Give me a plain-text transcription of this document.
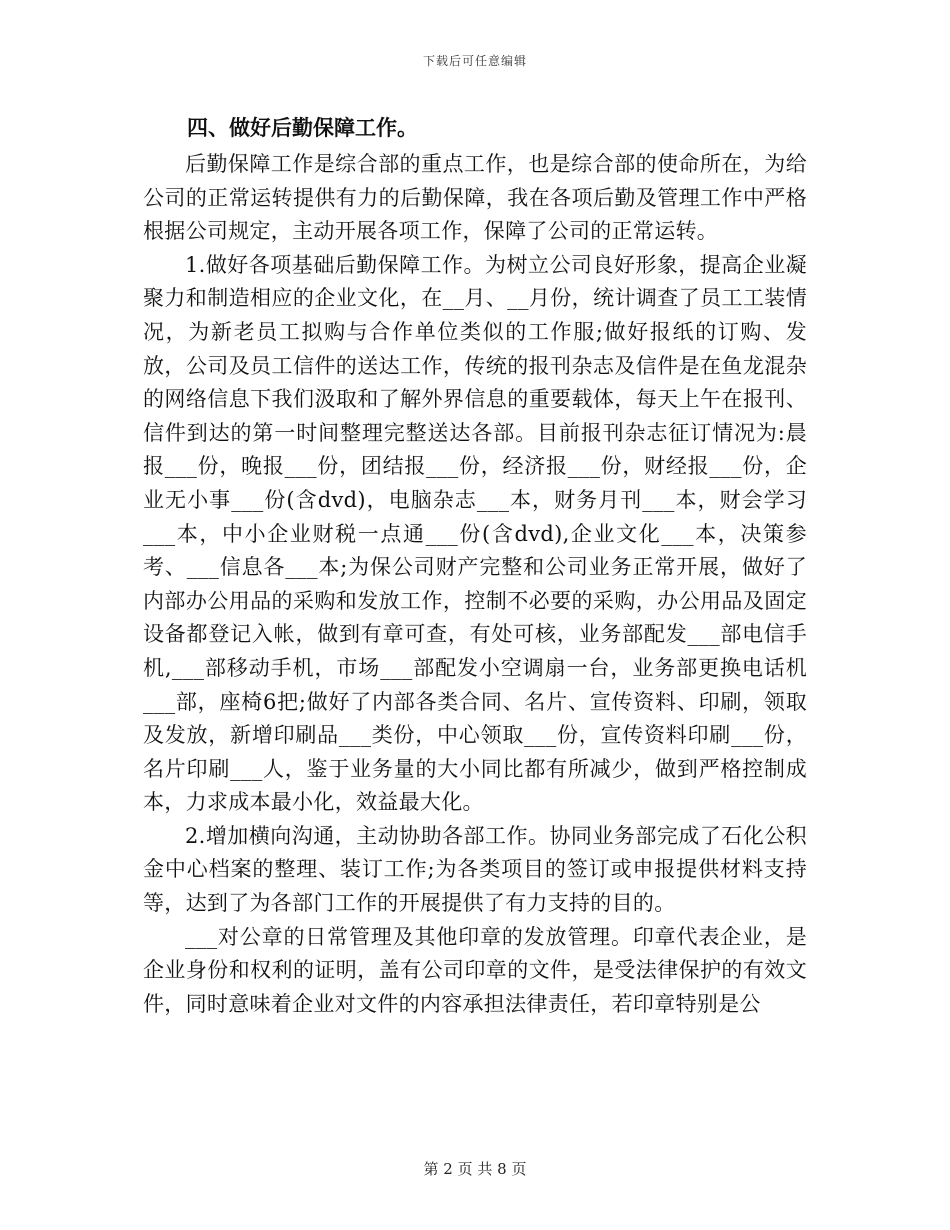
下载后可任意编辑

四、做好后勤保障工作。

后勤保障工作是综合部的重点工作，也是综合部的使命所在，为给公司的正常运转提供有力的后勤保障，我在各项后勤及管理工作中严格根据公司规定，主动开展各项工作，保障了公司的正常运转。

1.做好各项基础后勤保障工作。为树立公司良好形象，提高企业凝聚力和制造相应的企业文化，在__月、__月份，统计调查了员工工装情况，为新老员工拟购与合作单位类似的工作服;做好报纸的订购、发放，公司及员工信件的送达工作，传统的报刊杂志及信件是在鱼龙混杂的网络信息下我们汲取和了解外界信息的重要载体，每天上午在报刊、信件到达的第一时间整理完整送达各部。目前报刊杂志征订情况为:晨报___份，晚报___份，团结报___份，经济报___份，财经报___份，企业无小事___份(含dvd)，电脑杂志___本，财务月刊___本，财会学习___本，中小企业财税一点通___份(含dvd),企业文化___本，决策参考、___信息各___本;为保公司财产完整和公司业务正常开展，做好了内部办公用品的采购和发放工作，控制不必要的采购，办公用品及固定设备都登记入帐，做到有章可查，有处可核，业务部配发___部电信手机,___部移动手机，市场___部配发小空调扇一台，业务部更换电话机___部，座椅6把;做好了内部各类合同、名片、宣传资料、印刷，领取及发放，新增印刷品___类份，中心领取___份，宣传资料印刷___份，名片印刷___人，鉴于业务量的大小同比都有所减少，做到严格控制成本，力求成本最小化，效益最大化。

2.增加横向沟通，主动协助各部工作。协同业务部完成了石化公积金中心档案的整理、装订工作;为各类项目的签订或申报提供材料支持等，达到了为各部门工作的开展提供了有力支持的目的。

___对公章的日常管理及其他印章的发放管理。印章代表企业，是企业身份和权利的证明，盖有公司印章的文件，是受法律保护的有效文件，同时意味着企业对文件的内容承担法律责任，若印章特别是公

第 2 页 共 8 页
